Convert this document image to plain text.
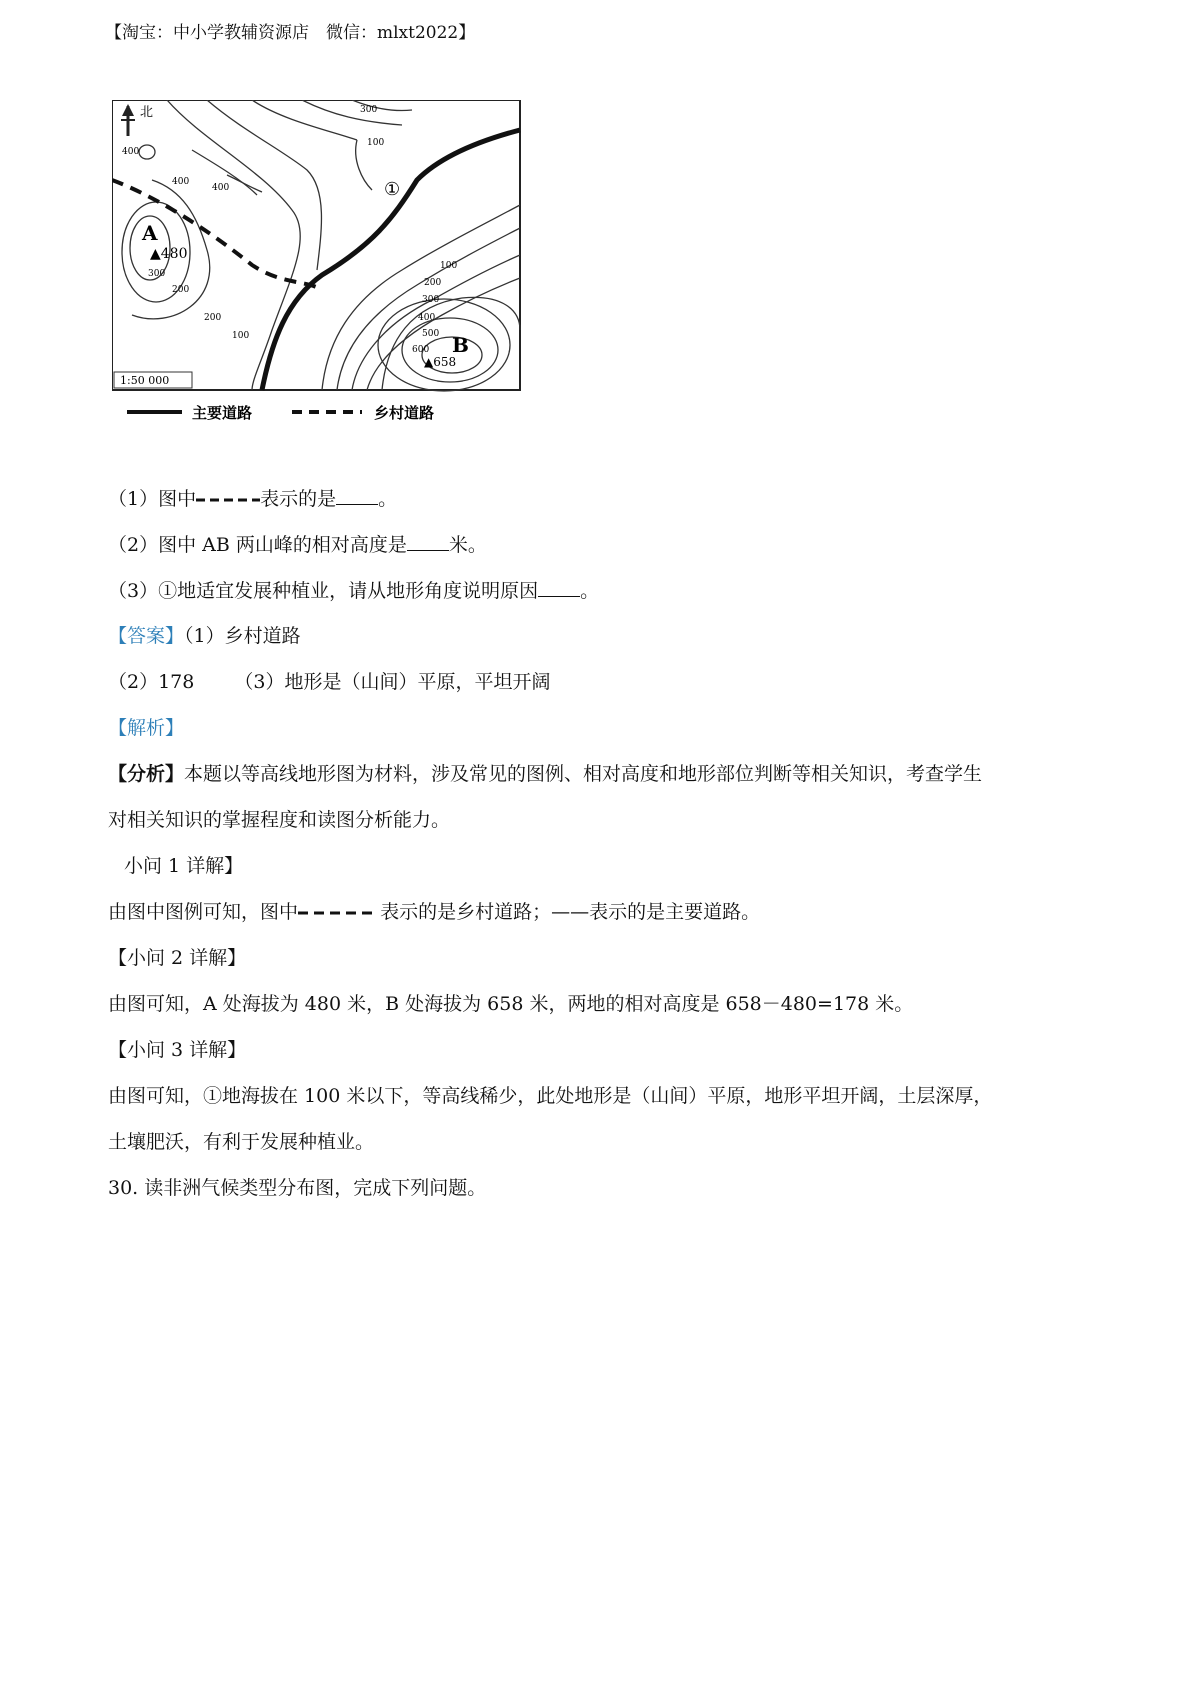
【淘宝：中小学教辅资源店　微信：mlxt2022】
北
A
▲480
B
▲658
①
400
300
100
400
400
300
200
200
100
100
200
300
400
500
600
1:50 000
主要道路	乡村道路
（1）图中	表示的是 。
（2）图中 AB 两山峰的相对高度是 米。
（3）①地适宜发展种植业，请从地形角度说明原因 。
【答案】（1）乡村道路
（2）178 （3）地形是（山间）平原，平坦开阔
【解析】
【分析】本题以等高线地形图为材料，涉及常见的图例、相对高度和地形部位判断等相关知识，考查学生
对相关知识的掌握程度和读图分析能力。
小问 1 详解】
由图中图例可知，图中	表示的是乡村道路；——表示的是主要道路。
【小问 2 详解】
由图可知，A 处海拔为 480 米，B 处海拔为 658 米，两地的相对高度是 658－480=178 米。
【小问 3 详解】
由图可知，①地海拔在 100 米以下，等高线稀少，此处地形是（山间）平原，地形平坦开阔，土层深厚，
土壤肥沃，有利于发展种植业。
30. 读非洲气候类型分布图，完成下列问题。
